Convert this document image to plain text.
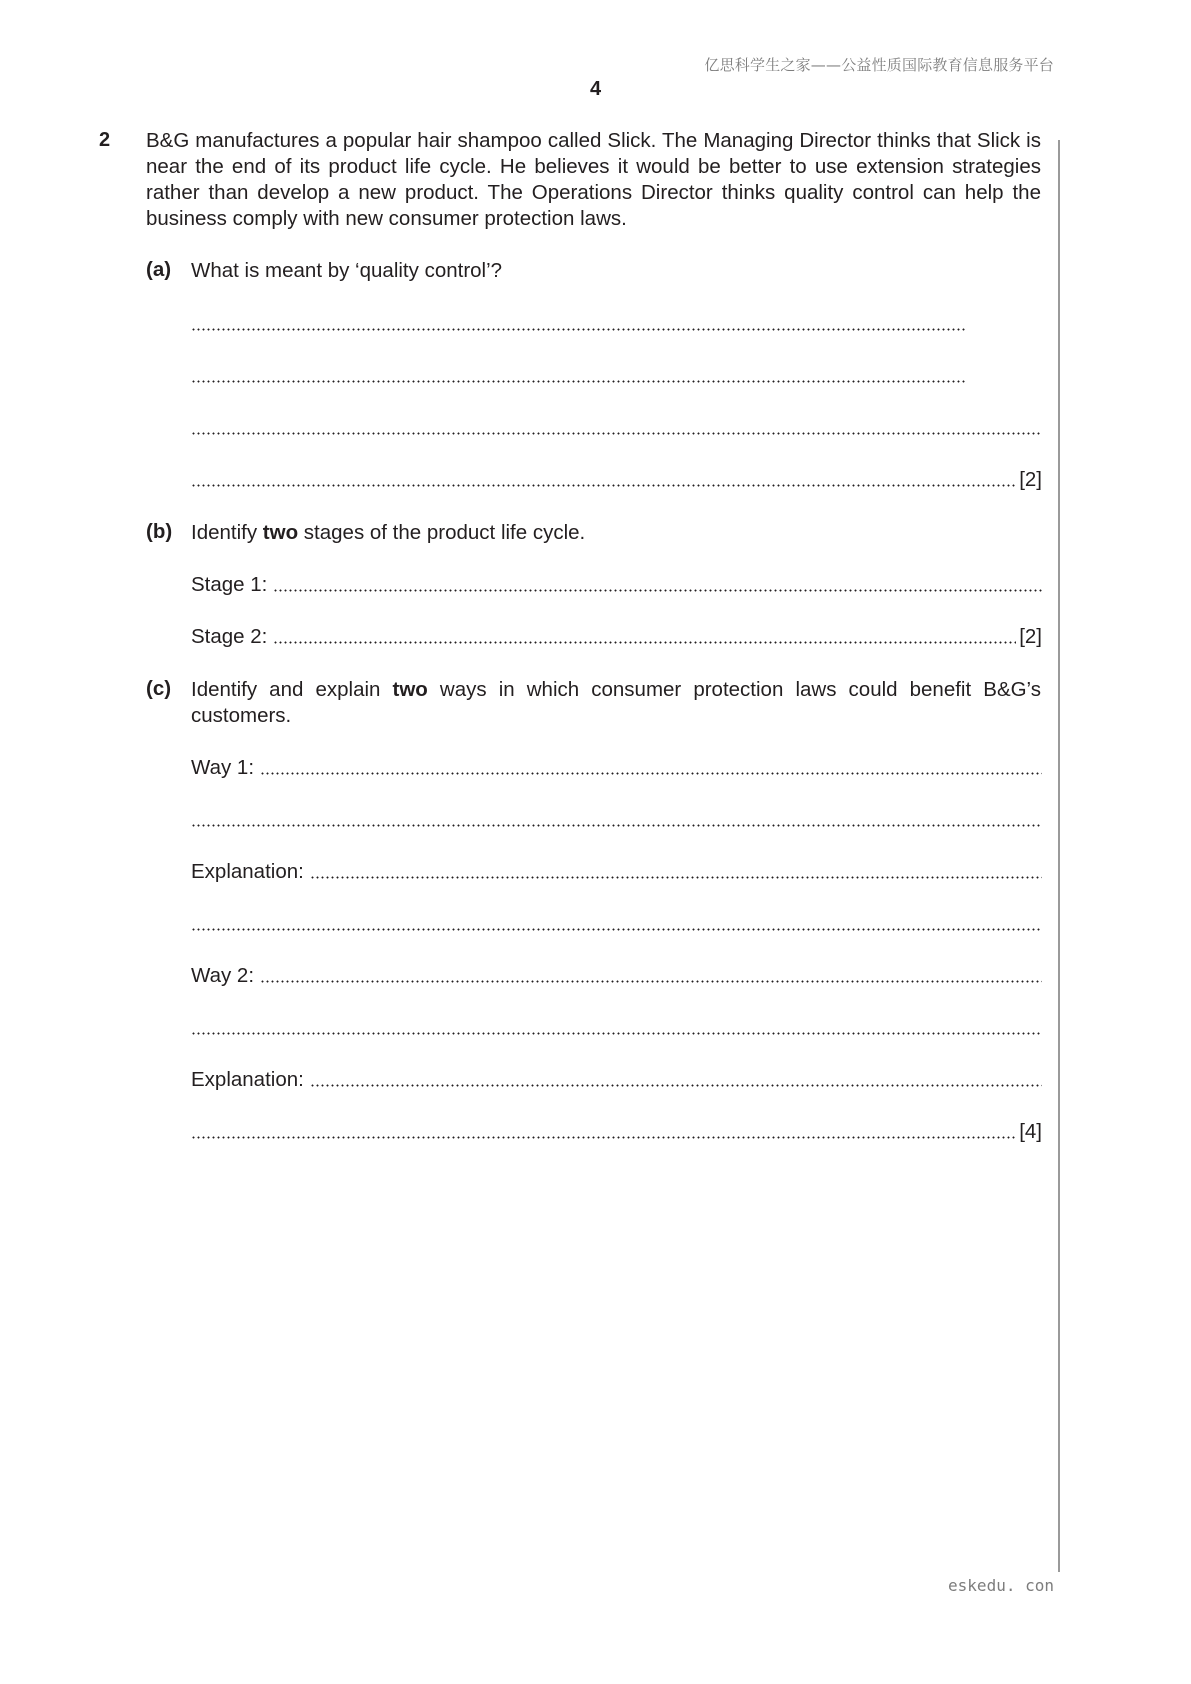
亿思科学生之家——公益性质国际教育信息服务平台
4
2 B&G manufactures a popular hair shampoo called Slick. The Managing Director thinks that Slick is near the end of its product life cycle. He believes it would be better to use extension strategies rather than develop a new product. The Operations Director thinks quality control can help the business comply with new consumer protection laws.
(a) What is meant by ‘quality control’?
[2]
(b) Identify two stages of the product life cycle.
Stage 1:
Stage 2:	[2]
(c) Identify and explain two ways in which consumer protection laws could benefit B&G’s customers.
Way 1:
Explanation:
Way 2:
Explanation:
[4]
eskedu. con
